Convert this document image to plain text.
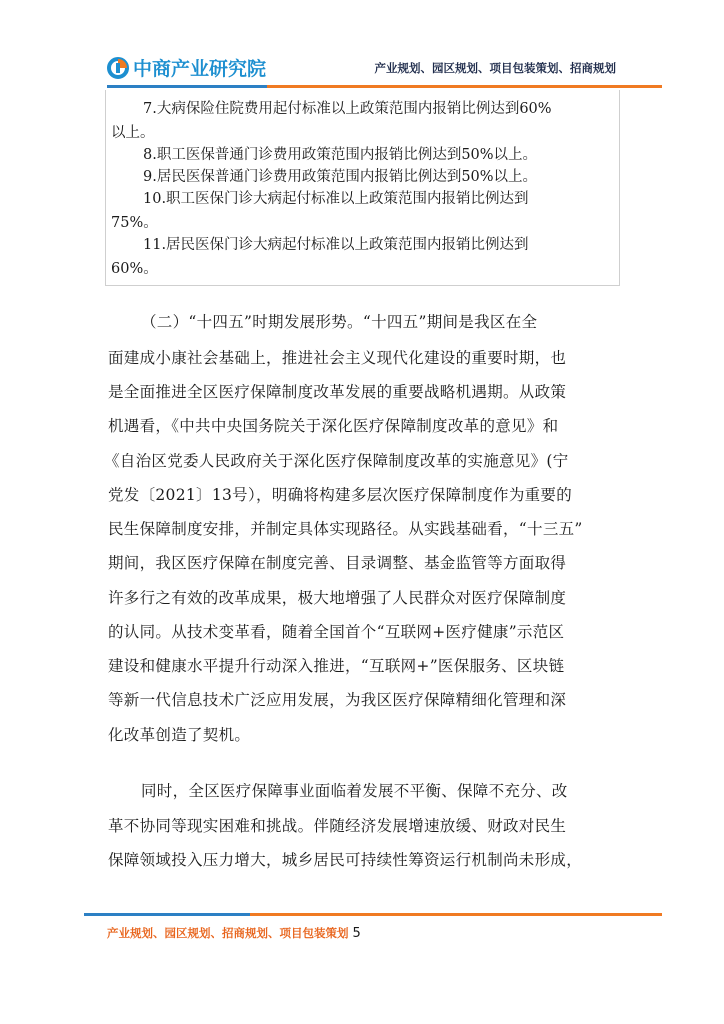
中商产业研究院	产业规划、园区规划、项目包装策划、招商规划
7.大病保险住院费用起付标准以上政策范围内报销比例达到60%
以上。
8.职工医保普通门诊费用政策范围内报销比例达到50%以上。
9.居民医保普通门诊费用政策范围内报销比例达到50%以上。
10.职工医保门诊大病起付标准以上政策范围内报销比例达到
75%。
11.居民医保门诊大病起付标准以上政策范围内报销比例达到
60%。
（二）“十四五”时期发展形势。“十四五”期间是我区在全
面建成小康社会基础上，推进社会主义现代化建设的重要时期，也
是全面推进全区医疗保障制度改革发展的重要战略机遇期。从政策
机遇看，《中共中央国务院关于深化医疗保障制度改革的意见》和
《自治区党委人民政府关于深化医疗保障制度改革的实施意见》(宁
党发〔2021〕13号），明确将构建多层次医疗保障制度作为重要的
民生保障制度安排，并制定具体实现路径。从实践基础看，“十三五”
期间，我区医疗保障在制度完善、目录调整、基金监管等方面取得
许多行之有效的改革成果，极大地增强了人民群众对医疗保障制度
的认同。从技术变革看，随着全国首个“互联网+医疗健康”示范区
建设和健康水平提升行动深入推进，“互联网+”医保服务、区块链
等新一代信息技术广泛应用发展，为我区医疗保障精细化管理和深
化改革创造了契机。
同时，全区医疗保障事业面临着发展不平衡、保障不充分、改
革不协同等现实困难和挑战。伴随经济发展增速放缓、财政对民生
保障领域投入压力增大，城乡居民可持续性筹资运行机制尚未形成，
产业规划、园区规划、招商规划、项目包装策划 5
